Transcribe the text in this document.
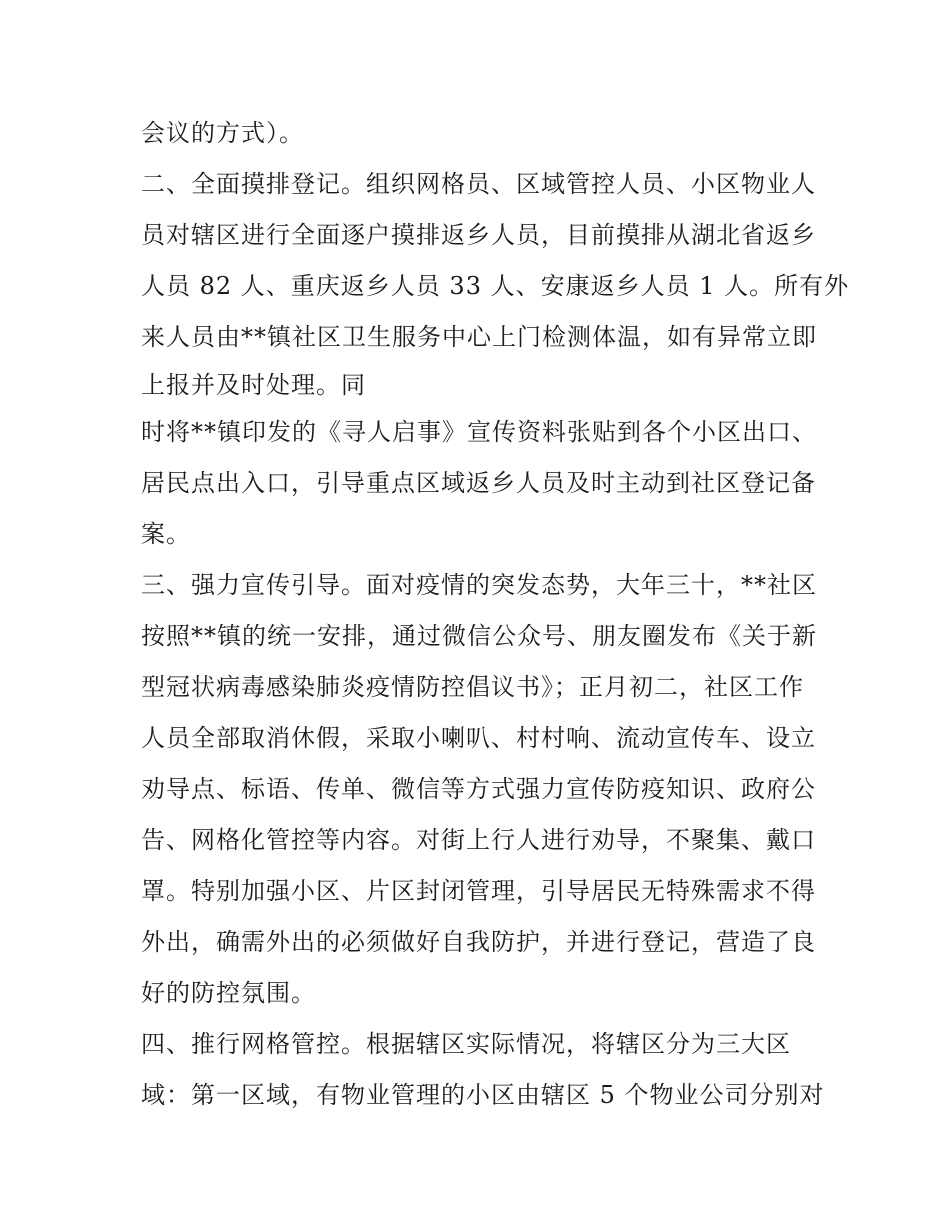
会议的方式）。
二、全面摸排登记。组织网格员、区域管控人员、小区物业人
员对辖区进行全面逐户摸排返乡人员，目前摸排从湖北省返乡
人员 82 人、重庆返乡人员 33 人、安康返乡人员 1 人。所有外
来人员由**镇社区卫生服务中心上门检测体温，如有异常立即
上报并及时处理。同
时将**镇印发的《寻人启事》宣传资料张贴到各个小区出口、
居民点出入口，引导重点区域返乡人员及时主动到社区登记备
案。
三、强力宣传引导。面对疫情的突发态势，大年三十，**社区
按照**镇的统一安排，通过微信公众号、朋友圈发布《关于新
型冠状病毒感染肺炎疫情防控倡议书》；正月初二，社区工作
人员全部取消休假，采取小喇叭、村村响、流动宣传车、设立
劝导点、标语、传单、微信等方式强力宣传防疫知识、政府公
告、网格化管控等内容。对街上行人进行劝导，不聚集、戴口
罩。特别加强小区、片区封闭管理，引导居民无特殊需求不得
外出，确需外出的必须做好自我防护，并进行登记，营造了良
好的防控氛围。
四、推行网格管控。根据辖区实际情况，将辖区分为三大区
域：第一区域，有物业管理的小区由辖区 5 个物业公司分别对
